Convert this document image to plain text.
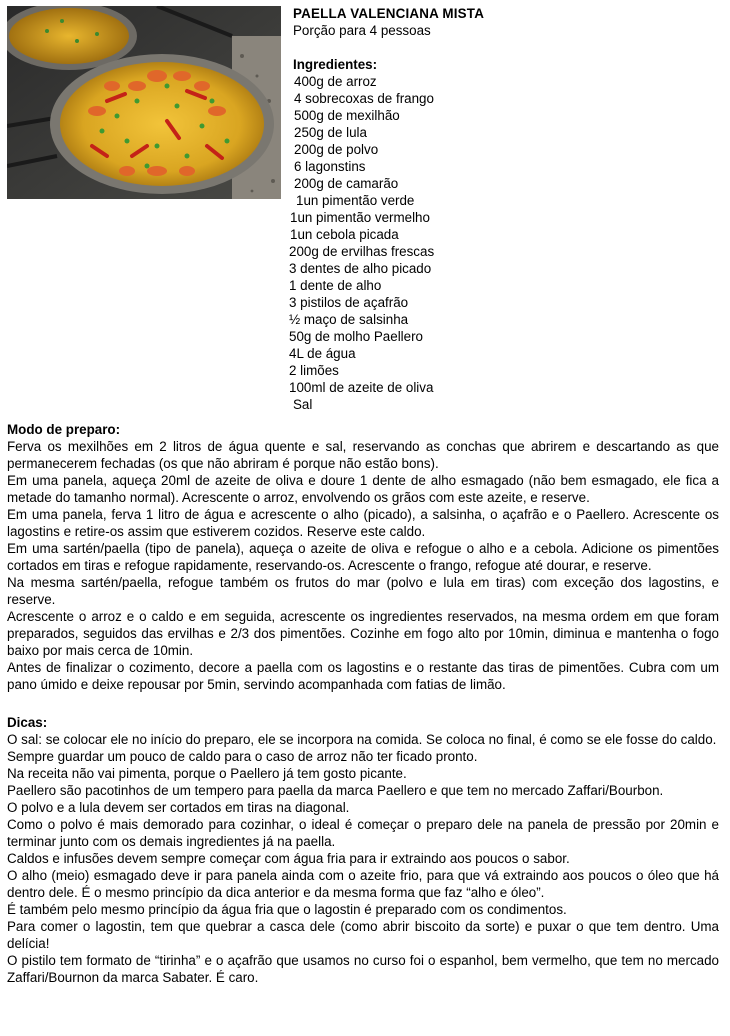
PAELLA VALENCIANA MISTA
Porção para 4 pessoas
Ingredientes:
400g de arroz
4 sobrecoxas de frango
500g de mexilhão
250g de lula
200g de polvo
6 lagonstins
200g de camarão
1un pimentão verde
1un pimentão vermelho
1un cebola picada
200g de ervilhas frescas
3 dentes de alho picado
1 dente de alho
3 pistilos de açafrão
½ maço de salsinha
50g de molho Paellero
4L de água
2 limões
100ml de azeite de oliva
Sal
Modo de preparo:
Ferva os mexilhões em 2 litros de água quente e sal, reservando as conchas que abrirem e descartando as que permanecerem fechadas (os que não abriram é porque não estão bons).
Em uma panela, aqueça 20ml de azeite de oliva e doure 1 dente de alho esmagado (não bem esmagado, ele fica a metade do tamanho normal). Acrescente o arroz, envolvendo os grãos com este azeite, e reserve.
Em uma panela, ferva 1 litro de água e acrescente o alho (picado), a salsinha, o açafrão e o Paellero. Acrescente os lagostins e retire-os assim que estiverem cozidos. Reserve este caldo.
Em uma sartén/paella (tipo de panela), aqueça o azeite de oliva e refogue o alho e a cebola. Adicione os pimentões cortados em tiras e refogue rapidamente, reservando-os. Acrescente o frango, refogue até dourar, e reserve.
Na mesma sartén/paella, refogue também os frutos do mar (polvo e lula em tiras) com exceção dos lagostins, e reserve.
Acrescente o arroz e o caldo e em seguida, acrescente os ingredientes reservados, na mesma ordem em que foram preparados, seguidos das ervilhas e 2/3 dos pimentões. Cozinhe em fogo alto por 10min, diminua e mantenha o fogo baixo por mais cerca de 10min.
Antes de finalizar o cozimento, decore a paella com os lagostins e o restante das tiras de pimentões. Cubra com um pano úmido e deixe repousar por 5min, servindo acompanhada com fatias de limão.
Dicas:
O sal: se colocar ele no início do preparo, ele se incorpora na comida. Se coloca no final, é como se ele fosse do caldo.
Sempre guardar um pouco de caldo para o caso de arroz não ter ficado pronto.
Na receita não vai pimenta, porque o Paellero já tem gosto picante.
Paellero são pacotinhos de um tempero para paella da marca Paellero e que tem no mercado Zaffari/Bourbon.
O polvo e a lula devem ser cortados em tiras na diagonal.
Como o polvo é mais demorado para cozinhar, o ideal é começar o preparo dele na panela de pressão por 20min e terminar junto com os demais ingredientes já na paella.
Caldos e infusões devem sempre começar com água fria para ir extraindo aos poucos o sabor.
O alho (meio) esmagado deve ir para panela ainda com o azeite frio, para que vá extraindo aos poucos o óleo que há dentro dele. É o mesmo princípio da dica anterior e da mesma forma que faz “alho e óleo”.
É também pelo mesmo princípio da água fria que o lagostin é preparado com os condimentos.
Para comer o lagostin, tem que quebrar a casca dele (como abrir biscoito da sorte) e puxar o que tem dentro. Uma delícia!
O pistilo tem formato de “tirinha” e o açafrão que usamos no curso foi o espanhol, bem vermelho, que tem no mercado Zaffari/Bournon da marca Sabater. É caro.
